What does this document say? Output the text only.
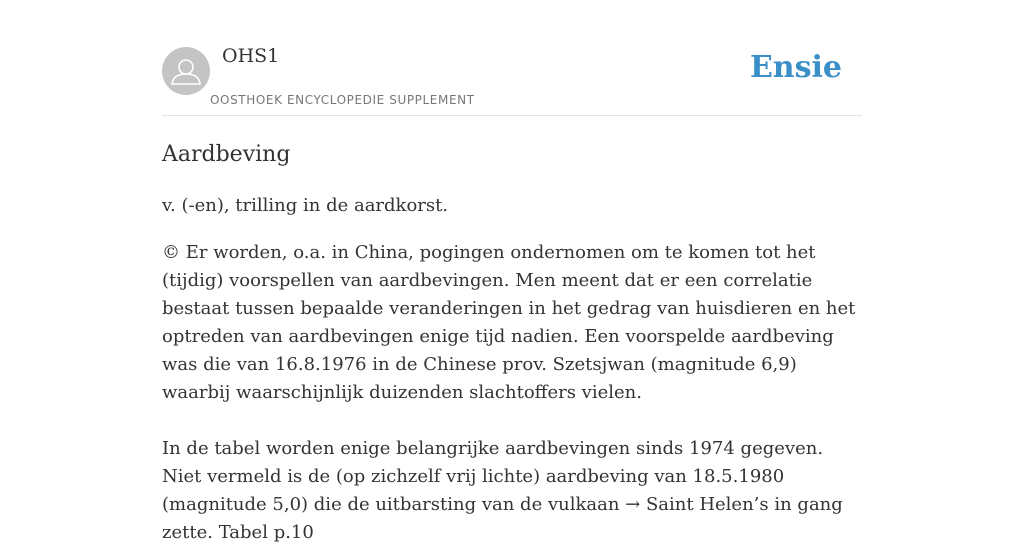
OHS1
OOSTHOEK ENCYCLOPEDIE SUPPLEMENT
Ensie
Aardbeving

v. (-en), trilling in de aardkorst.

© Er worden, o.a. in China, pogingen ondernomen om te komen tot het (tijdig) voorspellen van aardbevingen. Men meent dat er een correlatie bestaat tussen bepaalde veranderingen in het gedrag van huisdieren en het optreden van aardbevingen enige tijd nadien. Een voorspelde aardbeving was die van 16.8.1976 in de Chinese prov. Szetsjwan (magnitude 6,9) waarbij waarschijnlijk duizenden slachtoffers vielen.

In de tabel worden enige belangrijke aardbevingen sinds 1974 gegeven. Niet vermeld is de (op zichzelf vrij lichte) aardbeving van 18.5.1980 (magnitude 5,0) die de uitbarsting van de vulkaan → Saint Helen’s in gang zette. Tabel p.10
